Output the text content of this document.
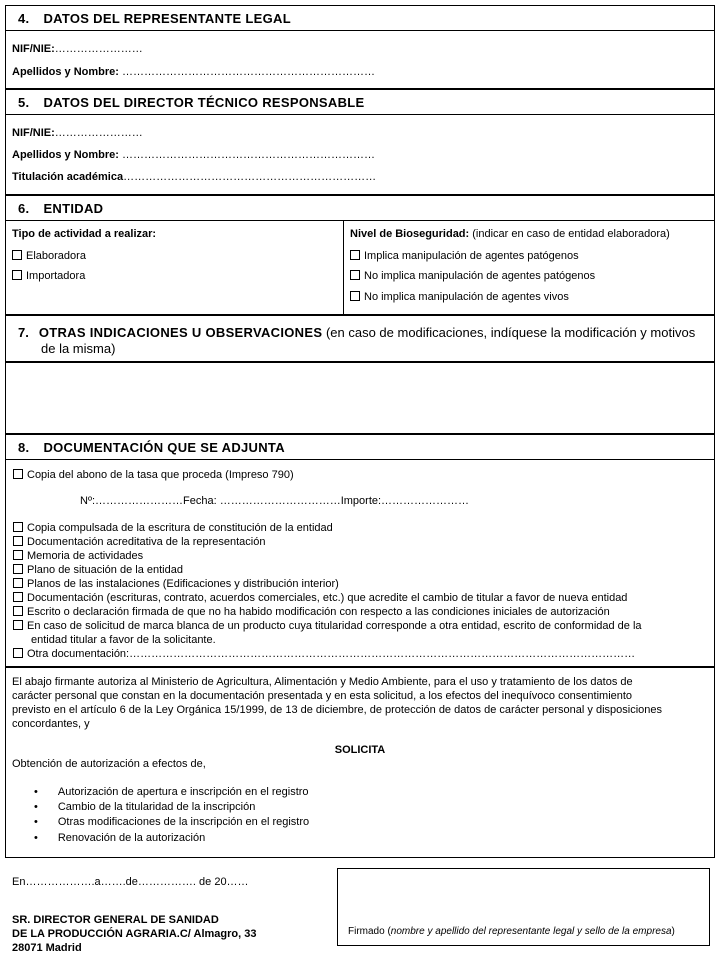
4. DATOS DEL REPRESENTANTE LEGAL
NIF/NIE:……………………
Apellidos y Nombre: ……………………………………………………………
5. DATOS DEL DIRECTOR TÉCNICO RESPONSABLE
NIF/NIE:……………………
Apellidos y Nombre: ……………………………………………………………
Titulación académica……………………………………………………………
6. ENTIDAD
Tipo de actividad a realizar:
Elaboradora
Importadora
Nivel de Bioseguridad: (indicar en caso de entidad elaboradora)
Implica manipulación de agentes patógenos
No implica manipulación de agentes patógenos
No implica manipulación de agentes vivos
7. OTRAS INDICACIONES U OBSERVACIONES (en caso de modificaciones, indíquese la modificación y motivos
de la misma)
8. DOCUMENTACIÓN QUE SE ADJUNTA
Copia del abono de la tasa que proceda (Impreso 790)
Nº:……………………Fecha: ……………………………Importe:……………………
Copia compulsada de la escritura de constitución de la entidad
Documentación acreditativa de la representación
Memoria de actividades
Plano de situación de la entidad
Planos de las instalaciones (Edificaciones y distribución interior)
Documentación (escrituras, contrato, acuerdos comerciales, etc.) que acredite el cambio de titular a favor de nueva entidad
Escrito o declaración firmada de que no ha habido modificación con respecto a las condiciones iniciales de autorización
En caso de solicitud de marca blanca de un producto cuya titularidad corresponde a otra entidad, escrito de conformidad de la
entidad titular a favor de la solicitante.
Otra documentación:…………………………………………………………………………………………………………………………
El abajo firmante autoriza al Ministerio de Agricultura, Alimentación y Medio Ambiente, para el uso y tratamiento de los datos de
carácter personal que constan en la documentación presentada y en esta solicitud, a los efectos del inequívoco consentimiento
previsto en el artículo 6 de la Ley Orgánica 15/1999, de 13 de diciembre, de protección de datos de carácter personal y disposiciones
concordantes, y
SOLICITA
Obtención de autorización a efectos de,
• Autorización de apertura e inscripción en el registro
• Cambio de la titularidad de la inscripción
• Otras modificaciones de la inscripción en el registro
• Renovación de la autorización
En……………….a…….de……………. de 20……
SR. DIRECTOR GENERAL DE SANIDAD
DE LA PRODUCCIÓN AGRARIA.C/ Almagro, 33
28071 Madrid
Firmado (nombre y apellido del representante legal y sello de la empresa)
